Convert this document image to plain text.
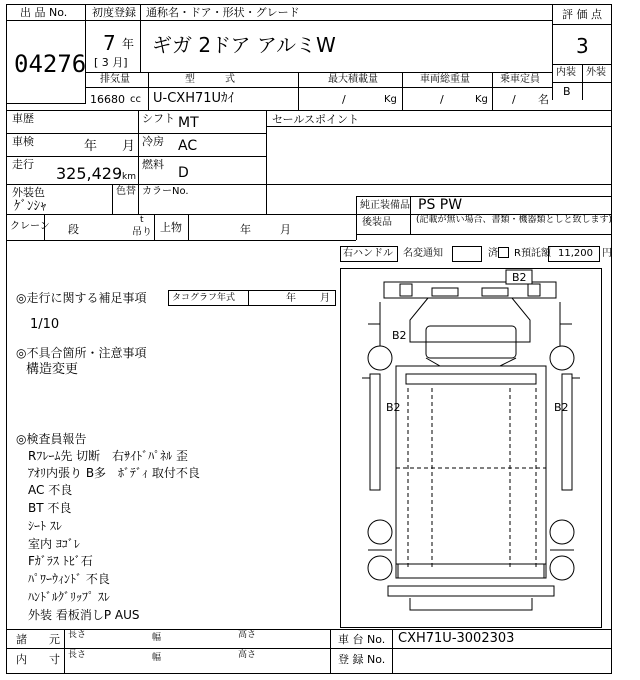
出 品 No.
04276
初度登録 通称名・ドア・形状・グレード
7 年
[ 3 月]
ギガ 2ドア アルミW
評 価 点
3
内装 外装
B
排気量	型　　　式	最大積載量	車両総重量	乗車定員
16680 cc U-CXH71Uｶｲ	/	Kg	/	Kg / 名
車歴
車検	年 月
走行 325,429 km
シフト MT
冷房 AC
燃料
D
セールスポイント
外装色
ｹﾞﾝｼｬ
色替 カラーNo.
純正装備品 PS PW
後装品	(記載が無い場合、書類・機器類としと致します)
クレーン 段
t
吊り 上物	年	月
右ハンドル 名変通知	済 R預託額 11,200 円
◎走行に関する補足事項	タコグラフ年式	年 月
1/10
◎不具合箇所・注意事項
構造変更
◎検査員報告
Rﾌﾚｰﾑ先 切断　右ｻｲﾄﾞﾊﾟﾈﾙ 歪
ｱｵﾘ内張り B多　ﾎﾞﾃﾞｨ 取付不良
AC 不良
BT 不良
ｼｰﾄ ｽﾚ
室内 ﾖｺﾞﾚ
Fｶﾞﾗｽ ﾄﾋﾞ石
ﾊﾟﾜｰｳｨﾝﾄﾞ 不良
ﾊﾝﾄﾞﾙｸﾞﾘｯﾌﾟ ｽﾚ
外装 看板消しP AUS
B2
B2
B2	B2
諸　　元
内　　寸
長さ	幅	高さ
長さ	幅	高さ
車 台 No. CXH71U-3002303
登 録 No.
